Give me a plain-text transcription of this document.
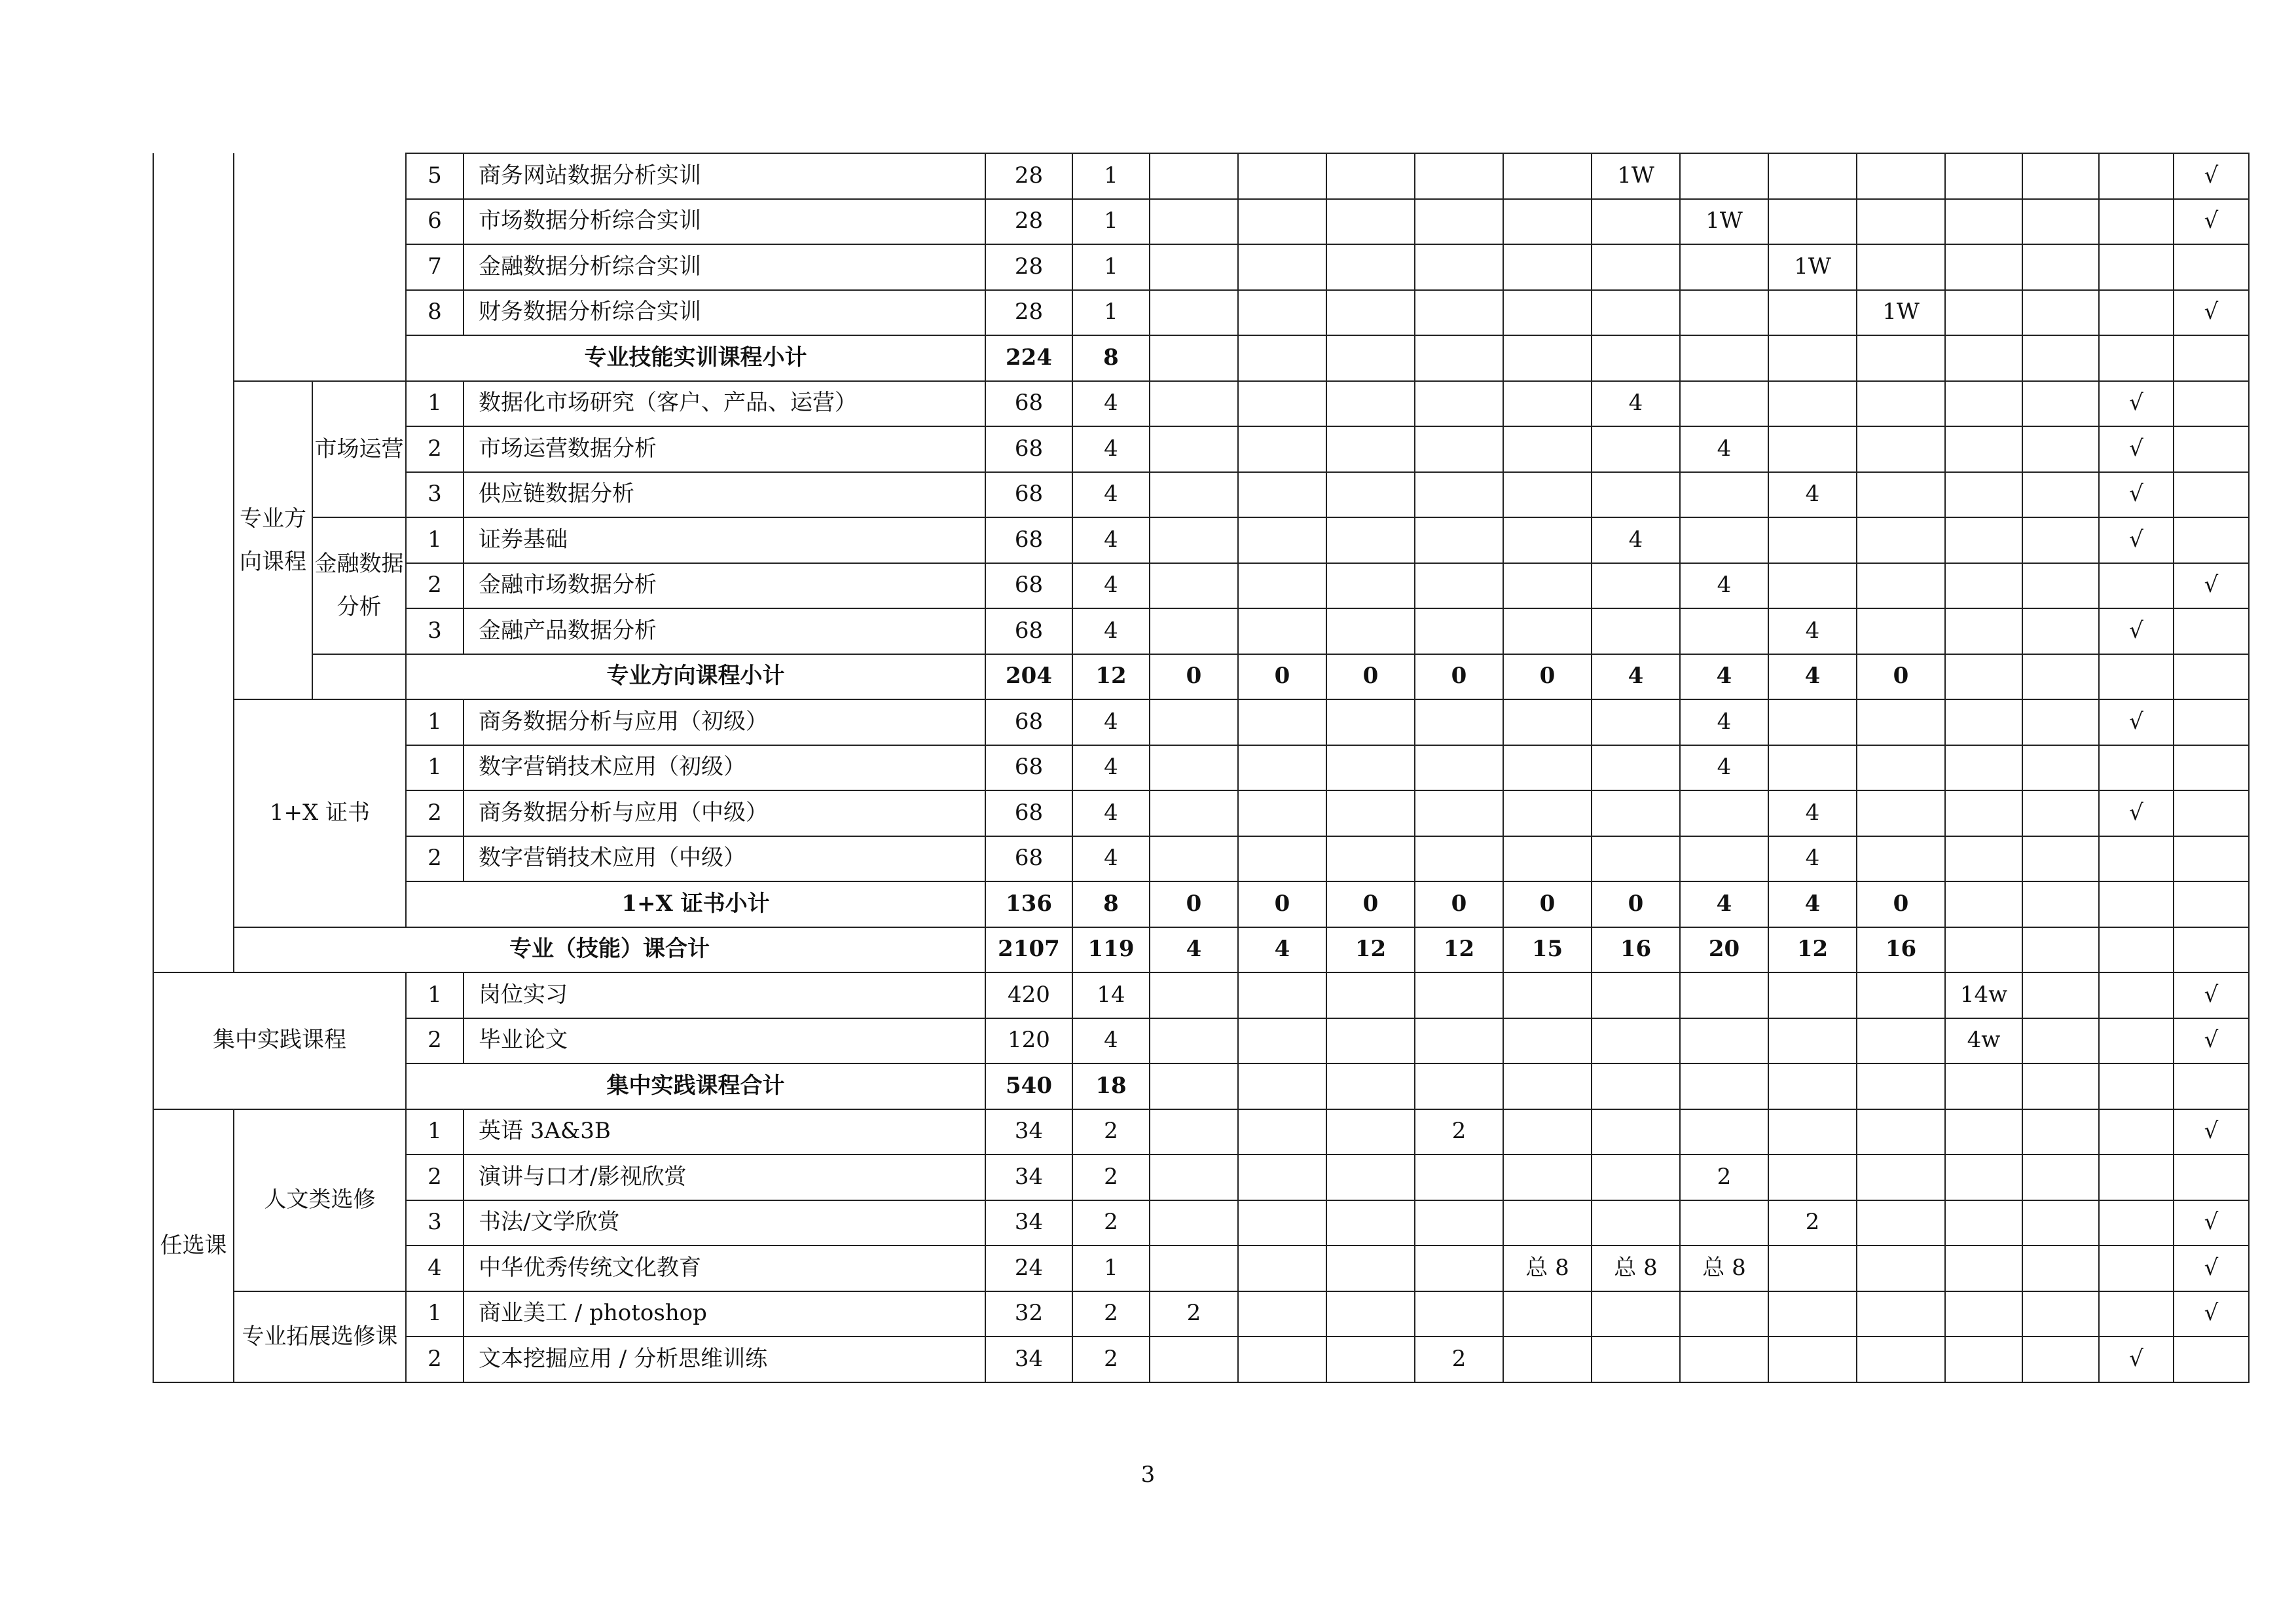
			5	商务网站数据分析实训	28	1						1W							√
			6	市场数据分析综合实训	28	1							1W						√
			7	金融数据分析综合实训	28	1								1W					
			8	财务数据分析综合实训	28	1									1W				√
			专业技能实训课程小计		224	8													
	专业方向课程	市场运营	1	数据化市场研究（客户、产品、运营）	68	4						4						√	
			2	市场运营数据分析	68	4							4					√	
			3	供应链数据分析	68	4								4				√	
		金融数据分析	1	证券基础	68	4						4						√	
			2	金融市场数据分析	68	4							4						√
			3	金融产品数据分析	68	4								4				√	
			专业方向课程小计		204	12	0	0	0	0	0	4	4	4	0				
	1+X 证书		1	商务数据分析与应用（初级）	68	4							4					√	
			1	数字营销技术应用（初级）	68	4							4						
			2	商务数据分析与应用（中级）	68	4								4				√	
			2	数字营销技术应用（中级）	68	4								4					
			1+X 证书小计		136	8	0	0	0	0	0	0	4	4	0				
	专业（技能）课合计				2107	119	4	4	12	12	15	16	20	12	16				
集中实践课程			1	岗位实习	420	14										14w			√
			2	毕业论文	120	4										4w			√
			集中实践课程合计		540	18													
任选课	人文类选修		1	英语 3A&3B	34	2				2									√
			2	演讲与口才/影视欣赏	34	2							2						
			3	书法/文学欣赏	34	2								2					√
			4	中华优秀传统文化教育	24	1					总 8	总 8	总 8						√
	专业拓展选修课		1	商业美工 / photoshop	32	2	2												√
			2	文本挖掘应用 / 分析思维训练	34	2				2								√	
3
